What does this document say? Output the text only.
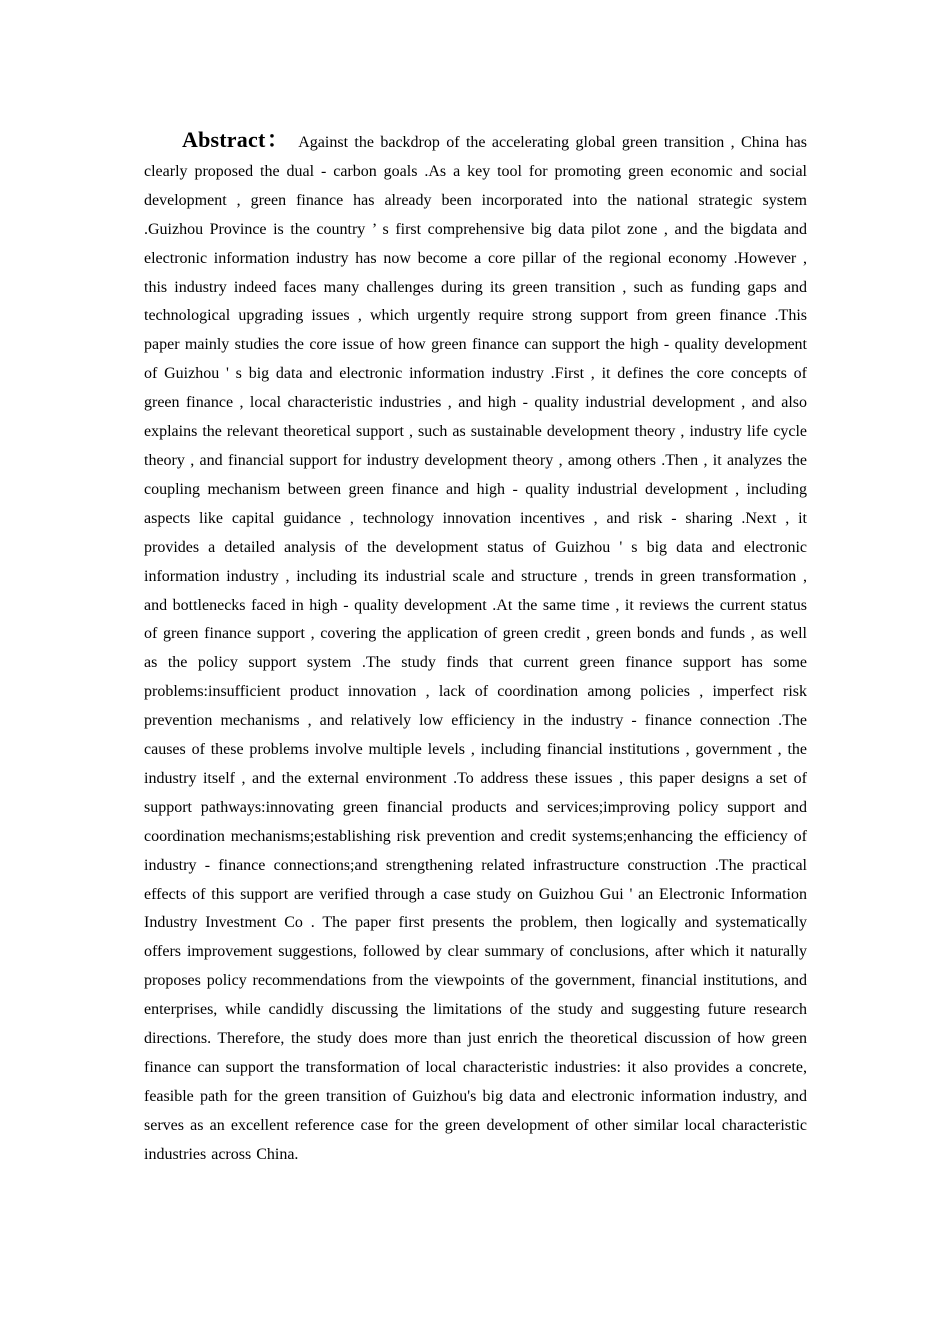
Abstract： Against the backdrop of the accelerating global green transition , China has clearly proposed the dual - carbon goals .As a key tool for promoting green economic and social development , green finance has already been incorporated into the national strategic system .Guizhou Province is the country ’ s first comprehensive big data pilot zone , and the bigdata and electronic information industry has now become a core pillar of the regional economy .However , this industry indeed faces many challenges during its green transition , such as funding gaps and technological upgrading issues , which urgently require strong support from green finance .This paper mainly studies the core issue of how green finance can support the high - quality development of Guizhou ' s big data and electronic information industry .First , it defines the core concepts of green finance , local characteristic industries , and high - quality industrial development , and also explains the relevant theoretical support , such as sustainable development theory , industry life cycle theory , and financial support for industry development theory , among others .Then , it analyzes the coupling mechanism between green finance and high - quality industrial development , including aspects like capital guidance , technology innovation incentives , and risk - sharing .Next , it provides a detailed analysis of the development status of Guizhou ' s big data and electronic information industry , including its industrial scale and structure , trends in green transformation , and bottlenecks faced in high - quality development .At the same time , it reviews the current status of green finance support , covering the application of green credit , green bonds and funds , as well as the policy support system .The study finds that current green finance support has some problems:insufficient product innovation , lack of coordination among policies , imperfect risk prevention mechanisms , and relatively low efficiency in the industry - finance connection .The causes of these problems involve multiple levels , including financial institutions , government , the industry itself , and the external environment .To address these issues , this paper designs a set of support pathways:innovating green financial products and services;improving policy support and coordination mechanisms;establishing risk prevention and credit systems;enhancing the efficiency of industry - finance connections;and strengthening related infrastructure construction .The practical effects of this support are verified through a case study on Guizhou Gui ' an Electronic Information Industry Investment Co . The paper first presents the problem, then logically and systematically offers improvement suggestions, followed by clear summary of conclusions, after which it naturally proposes policy recommendations from the viewpoints of the government, financial institutions, and enterprises, while candidly discussing the limitations of the study and suggesting future research directions. Therefore, the study does more than just enrich the theoretical discussion of how green finance can support the transformation of local characteristic industries: it also provides a concrete, feasible path for the green transition of Guizhou's big data and electronic information industry, and serves as an excellent reference case for the green development of other similar local characteristic industries across China.
